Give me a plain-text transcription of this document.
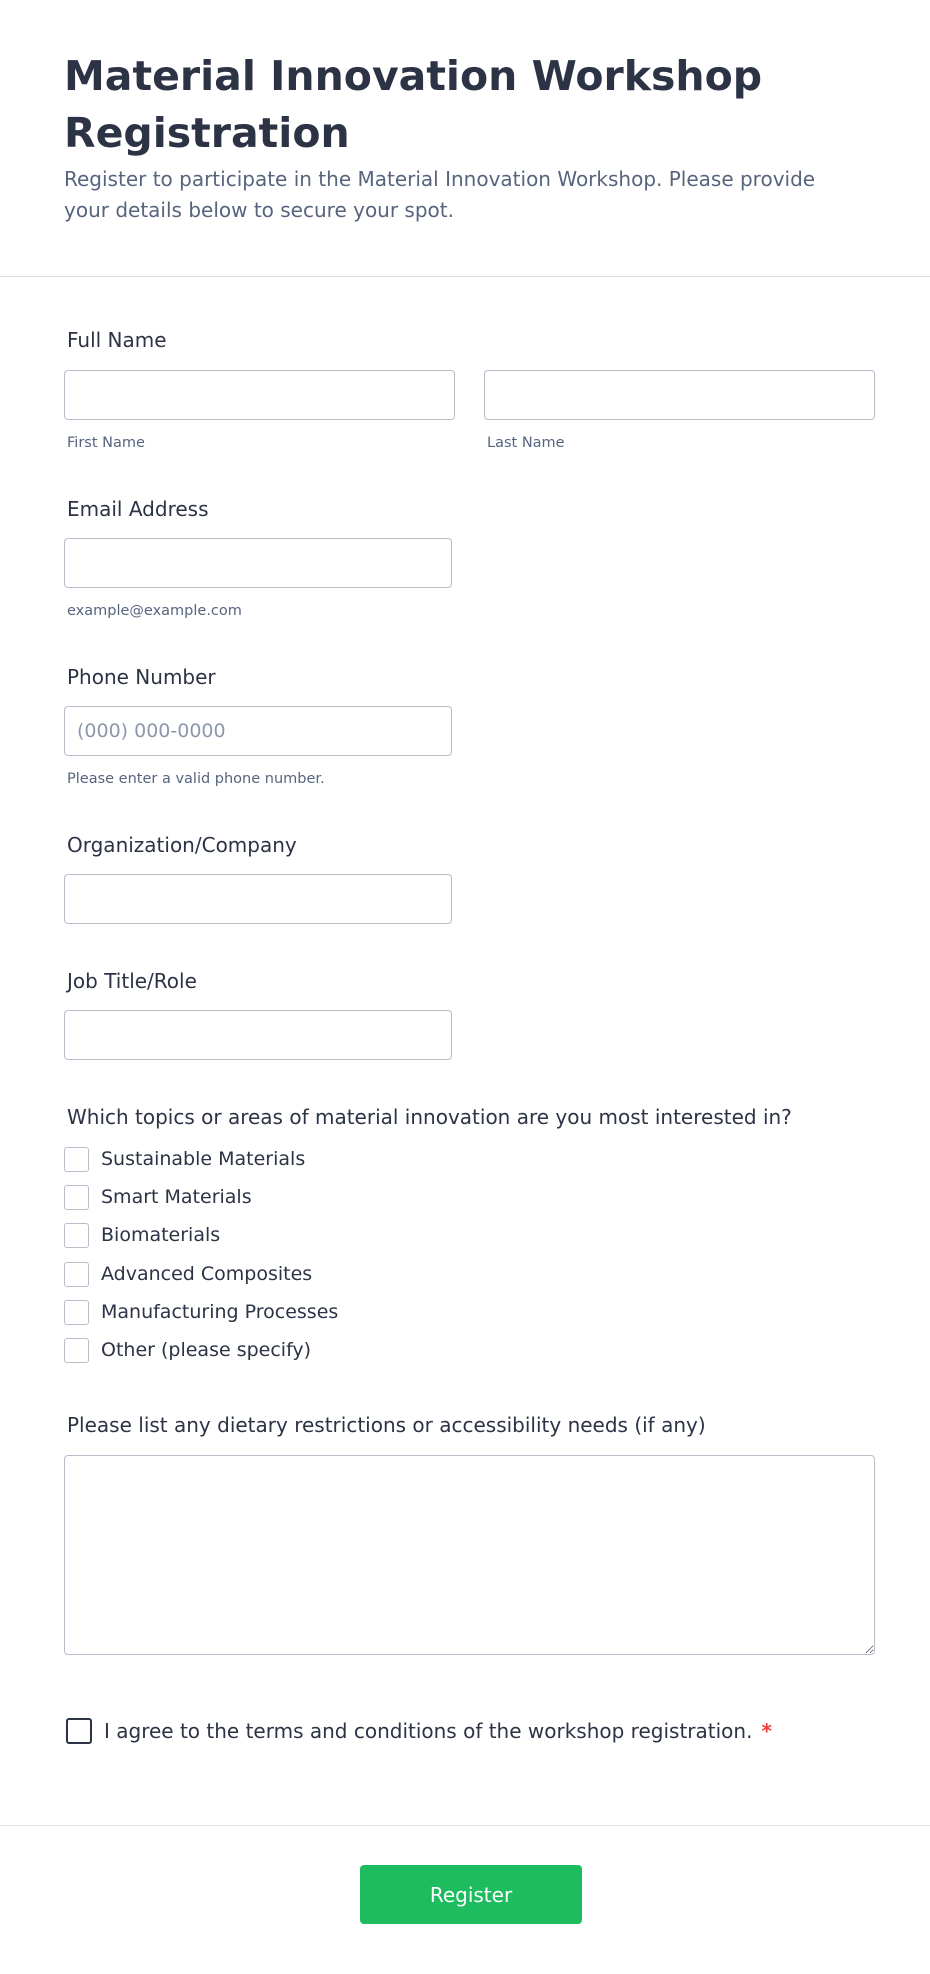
Material Innovation Workshop Registration

Register to participate in the Material Innovation Workshop. Please provide your details below to secure your spot.

Full Name
First Name	Last Name
Email Address
example@example.com
Phone Number
(000) 000-0000
Please enter a valid phone number.
Organization/Company
Job Title/Role
Which topics or areas of material innovation are you most interested in?
Sustainable Materials
Smart Materials
Biomaterials
Advanced Composites
Manufacturing Processes
Other (please specify)
Please list any dietary restrictions or accessibility needs (if any)
I agree to the terms and conditions of the workshop registration. *
Register
